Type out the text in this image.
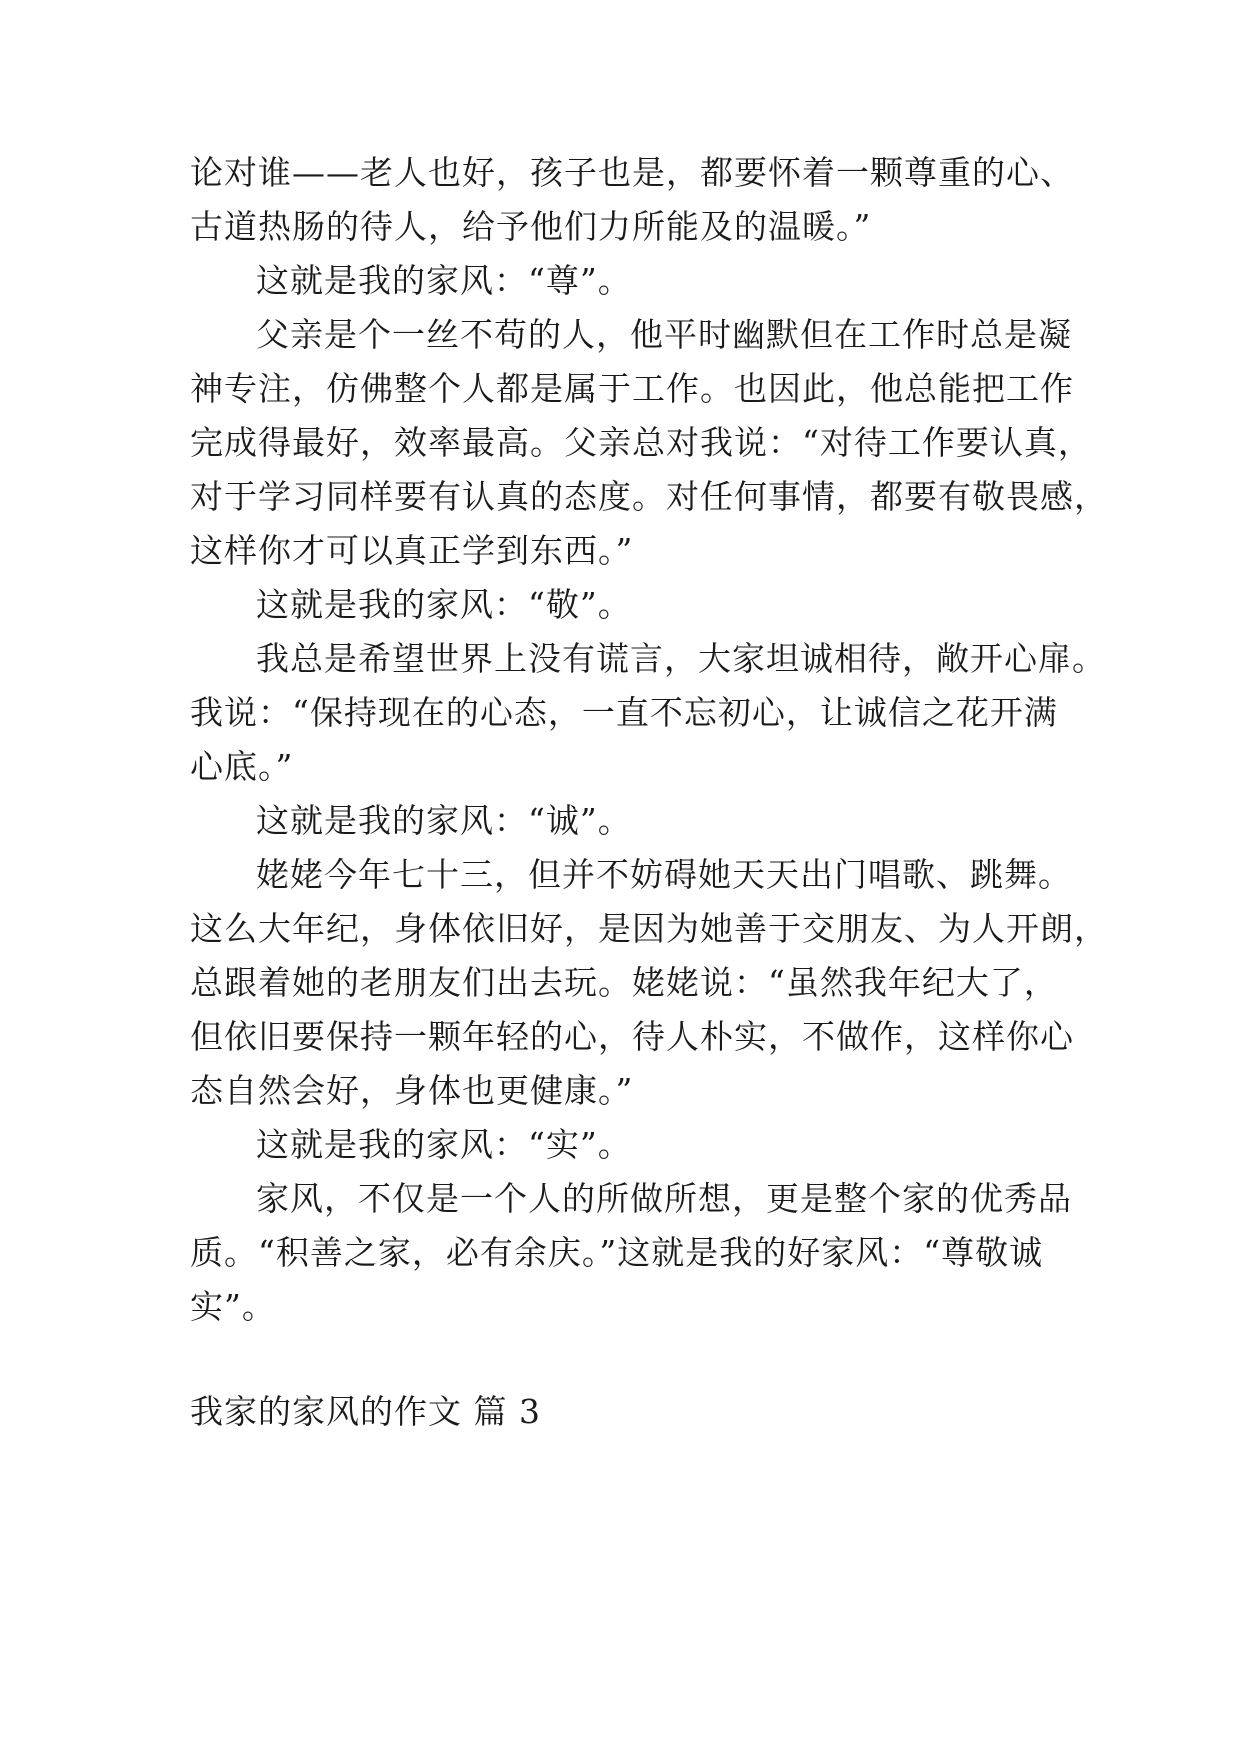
论对谁——老人也好，孩子也是，都要怀着一颗尊重的心、
古道热肠的待人，给予他们力所能及的温暖。”
这就是我的家风：“尊”。
父亲是个一丝不苟的人，他平时幽默但在工作时总是凝
神专注，仿佛整个人都是属于工作。也因此，他总能把工作
完成得最好，效率最高。父亲总对我说：“对待工作要认真，
对于学习同样要有认真的态度。对任何事情，都要有敬畏感，
这样你才可以真正学到东西。”
这就是我的家风：“敬”。
我总是希望世界上没有谎言，大家坦诚相待，敞开心扉。
我说：“保持现在的心态，一直不忘初心，让诚信之花开满
心底。”
这就是我的家风：“诚”。
姥姥今年七十三，但并不妨碍她天天出门唱歌、跳舞。
这么大年纪，身体依旧好，是因为她善于交朋友、为人开朗，
总跟着她的老朋友们出去玩。姥姥说：“虽然我年纪大了，
但依旧要保持一颗年轻的心，待人朴实，不做作，这样你心
态自然会好，身体也更健康。”
这就是我的家风：“实”。
家风，不仅是一个人的所做所想，更是整个家的优秀品
质。“积善之家，必有余庆。”这就是我的好家风：“尊敬诚
实”。
我家的家风的作文 篇 3
